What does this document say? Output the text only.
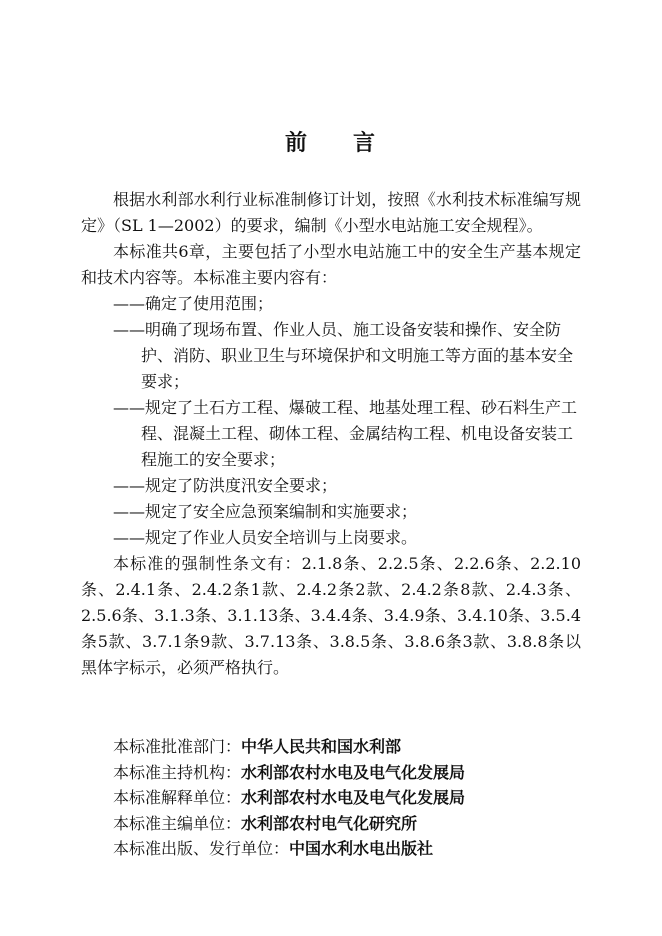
前 言

根据水利部水利行业标准制修订计划，按照《水利技术标准编写规定》（SL 1—2002）的要求，编制《小型水电站施工安全规程》。

本标准共6章，主要包括了小型水电站施工中的安全生产基本规定和技术内容等。本标准主要内容有：

——确定了使用范围；

——明确了现场布置、作业人员、施工设备安装和操作、安全防护、消防、职业卫生与环境保护和文明施工等方面的基本安全要求；

——规定了土石方工程、爆破工程、地基处理工程、砂石料生产工程、混凝土工程、砌体工程、金属结构工程、机电设备安装工程施工的安全要求；

——规定了防洪度汛安全要求；

——规定了安全应急预案编制和实施要求；

——规定了作业人员安全培训与上岗要求。

本标准的强制性条文有：2.1.8条、2.2.5条、2.2.6条、2.2.10条、2.4.1条、2.4.2条1款、2.4.2条2款、2.4.2条8款、2.4.3条、2.5.6条、3.1.3条、3.1.13条、3.4.4条、3.4.9条、3.4.10条、3.5.4条5款、3.7.1条9款、3.7.13条、3.8.5条、3.8.6条3款、3.8.8条以黑体字标示，必须严格执行。

本标准批准部门：中华人民共和国水利部
本标准主持机构：水利部农村水电及电气化发展局
本标准解释单位：水利部农村水电及电气化发展局
本标准主编单位：水利部农村电气化研究所
本标准出版、发行单位：中国水利水电出版社
